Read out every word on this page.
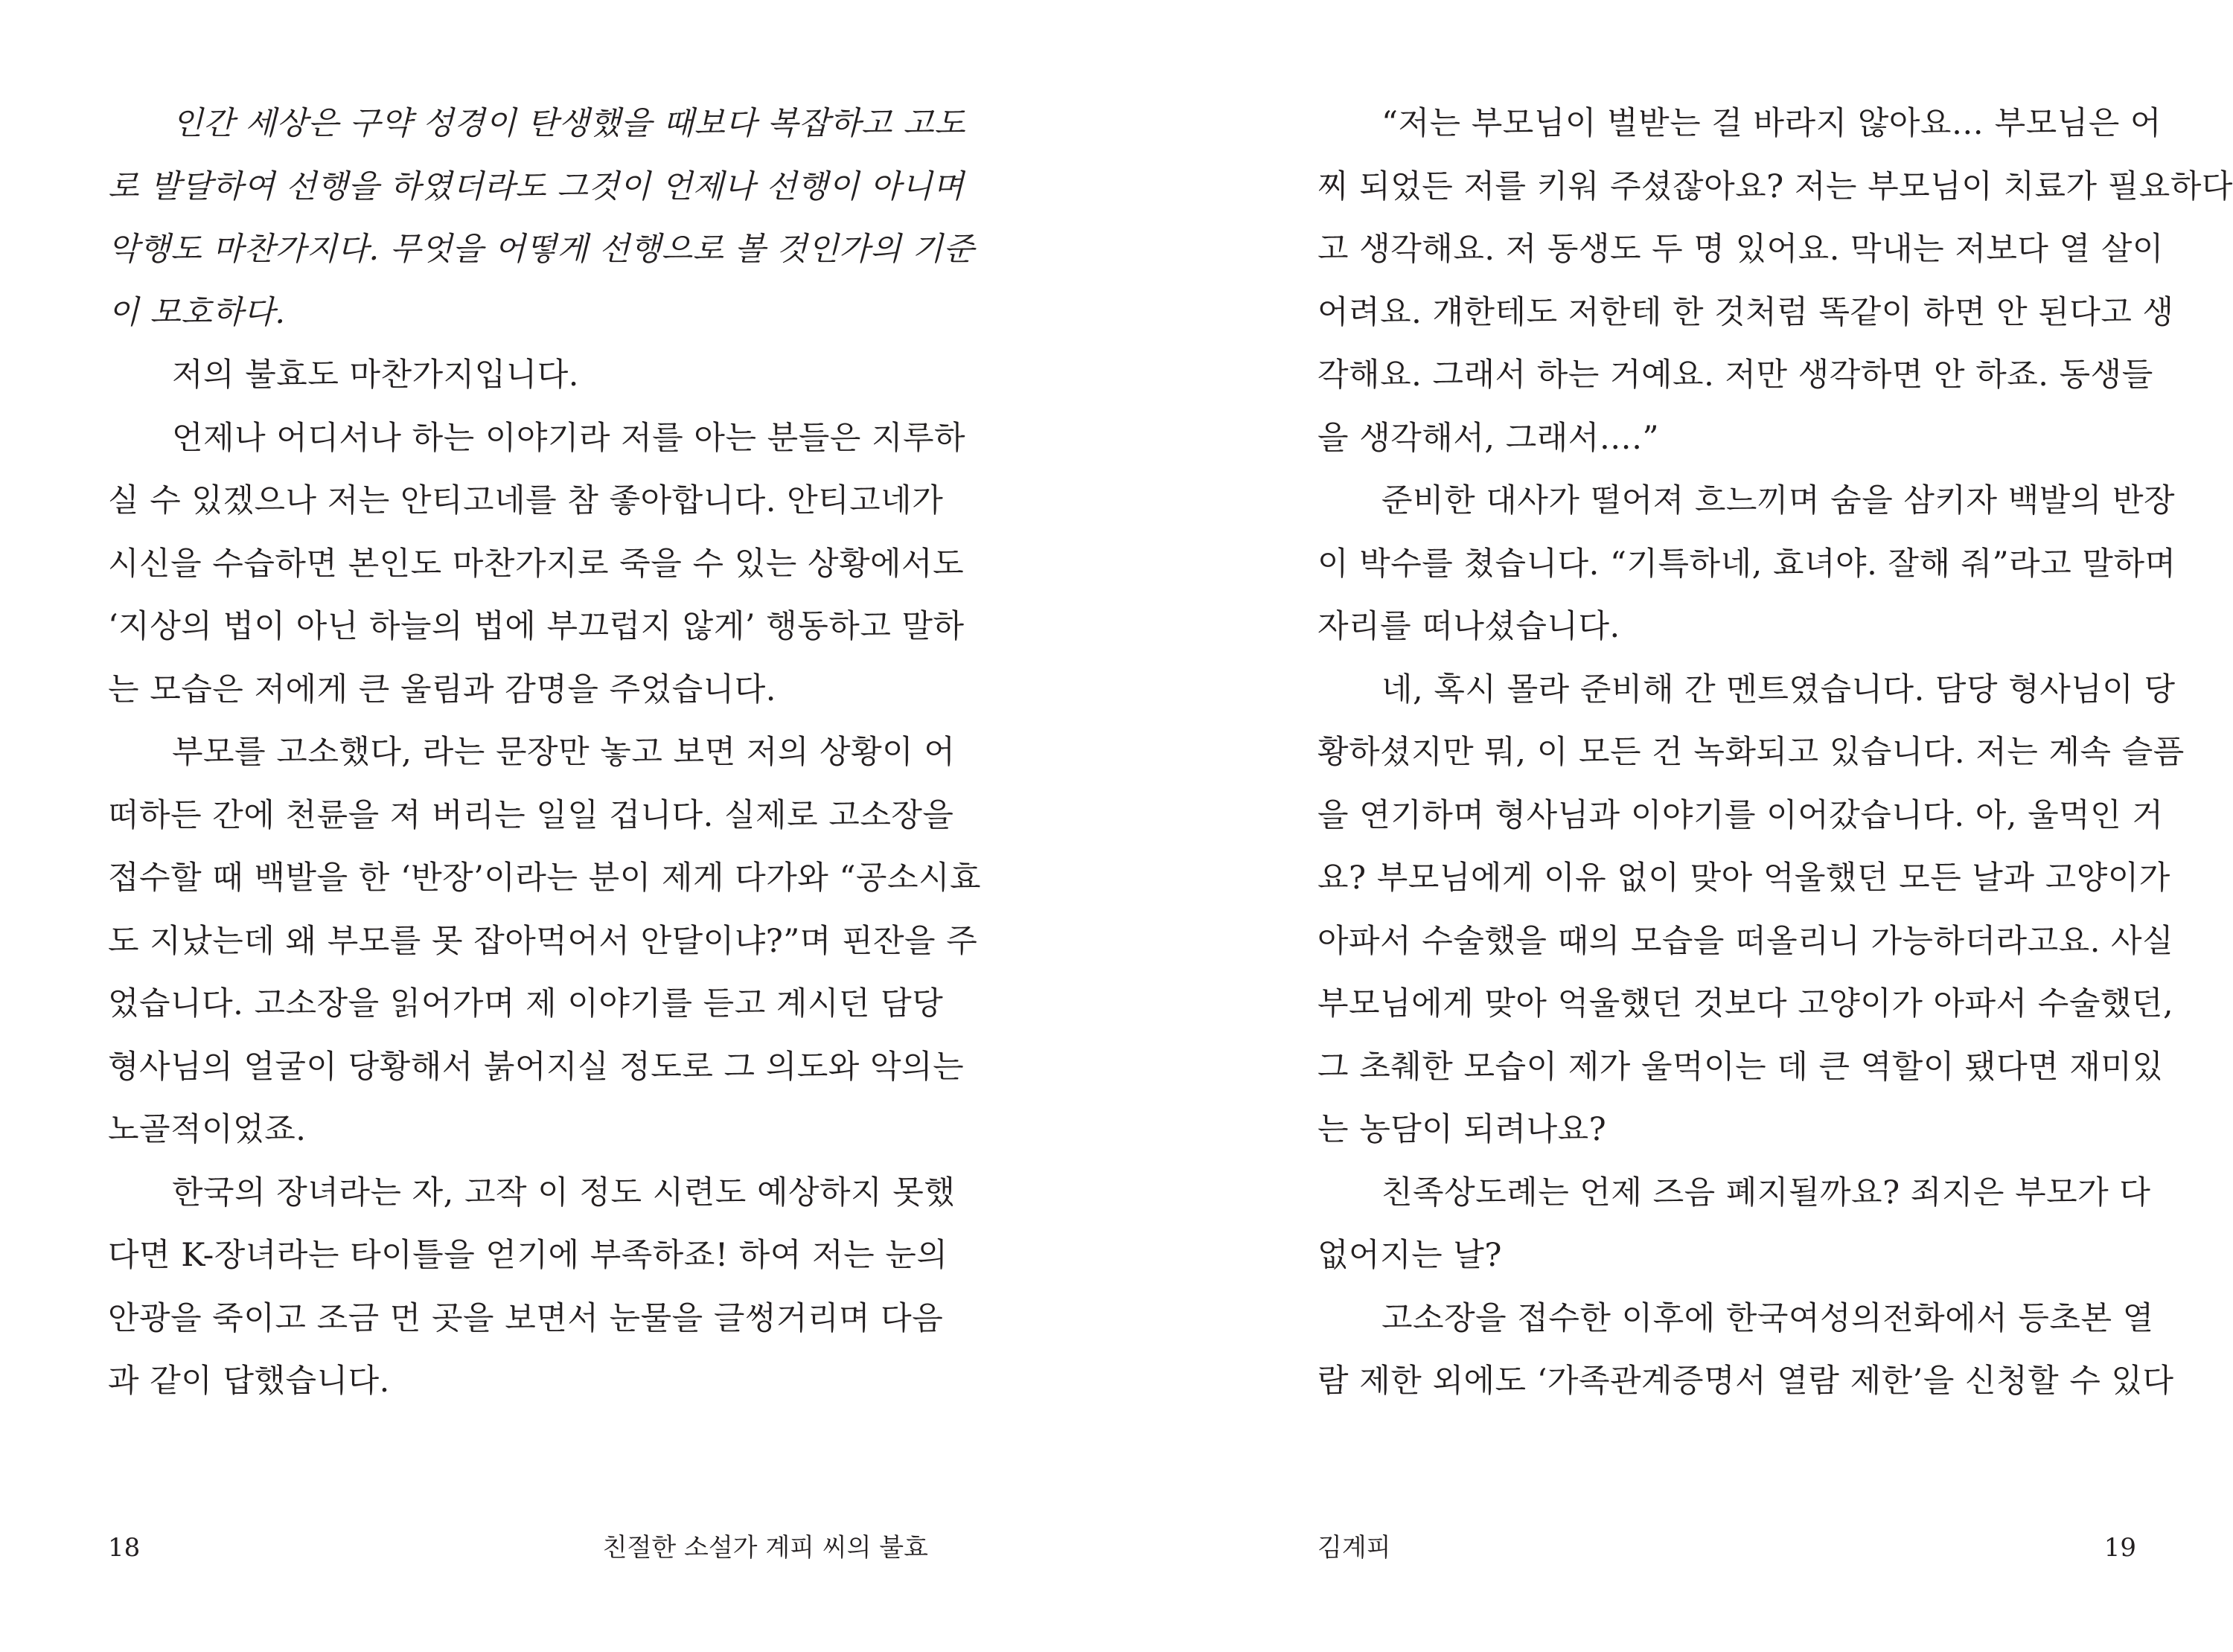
인간 세상은 구약 성경이 탄생했을 때보다 복잡하고 고도
로 발달하여 선행을 하였더라도 그것이 언제나 선행이 아니며
악행도 마찬가지다. 무엇을 어떻게 선행으로 볼 것인가의 기준
이 모호하다.
저의 불효도 마찬가지입니다.
언제나 어디서나 하는 이야기라 저를 아는 분들은 지루하
실 수 있겠으나 저는 안티고네를 참 좋아합니다. 안티고네가
시신을 수습하면 본인도 마찬가지로 죽을 수 있는 상황에서도
‘지상의 법이 아닌 하늘의 법에 부끄럽지 않게’ 행동하고 말하
는 모습은 저에게 큰 울림과 감명을 주었습니다.
부모를 고소했다, 라는 문장만 놓고 보면 저의 상황이 어
떠하든 간에 천륜을 져 버리는 일일 겁니다. 실제로 고소장을
접수할 때 백발을 한 ‘반장’이라는 분이 제게 다가와 “공소시효
도 지났는데 왜 부모를 못 잡아먹어서 안달이냐?”며 핀잔을 주
었습니다. 고소장을 읽어가며 제 이야기를 듣고 계시던 담당
형사님의 얼굴이 당황해서 붉어지실 정도로 그 의도와 악의는
노골적이었죠.
한국의 장녀라는 자, 고작 이 정도 시련도 예상하지 못했
다면 K-장녀라는 타이틀을 얻기에 부족하죠! 하여 저는 눈의
안광을 죽이고 조금 먼 곳을 보면서 눈물을 글썽거리며 다음
과 같이 답했습니다.
18	친절한 소설가 계피 씨의 불효
“저는 부모님이 벌받는 걸 바라지 않아요… 부모님은 어
찌 되었든 저를 키워 주셨잖아요? 저는 부모님이 치료가 필요하다
고 생각해요. 저 동생도 두 명 있어요. 막내는 저보다 열 살이
어려요. 걔한테도 저한테 한 것처럼 똑같이 하면 안 된다고 생
각해요. 그래서 하는 거예요. 저만 생각하면 안 하죠. 동생들
을 생각해서, 그래서….”
준비한 대사가 떨어져 흐느끼며 숨을 삼키자 백발의 반장
이 박수를 쳤습니다. “기특하네, 효녀야. 잘해 줘”라고 말하며
자리를 떠나셨습니다.
네, 혹시 몰라 준비해 간 멘트였습니다. 담당 형사님이 당
황하셨지만 뭐, 이 모든 건 녹화되고 있습니다. 저는 계속 슬픔
을 연기하며 형사님과 이야기를 이어갔습니다. 아, 울먹인 거
요? 부모님에게 이유 없이 맞아 억울했던 모든 날과 고양이가
아파서 수술했을 때의 모습을 떠올리니 가능하더라고요. 사실
부모님에게 맞아 억울했던 것보다 고양이가 아파서 수술했던,
그 초췌한 모습이 제가 울먹이는 데 큰 역할이 됐다면 재미있
는 농담이 되려나요?
친족상도례는 언제 즈음 폐지될까요? 죄지은 부모가 다
없어지는 날?
고소장을 접수한 이후에 한국여성의전화에서 등초본 열
람 제한 외에도 ‘가족관계증명서 열람 제한’을 신청할 수 있다
김계피	19
